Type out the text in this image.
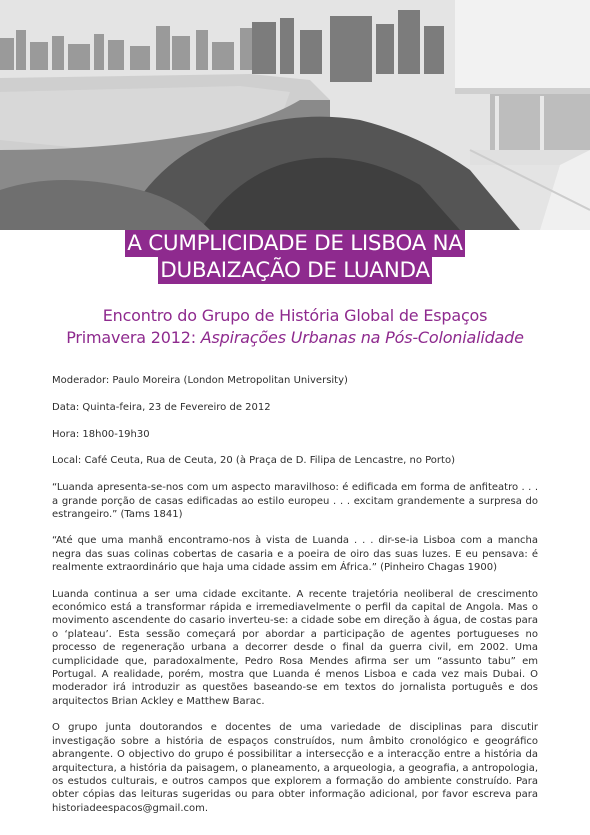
A CUMPLICIDADE DE LISBOA NA
DUBAIZAÇÃO DE LUANDA
Encontro do Grupo de História Global de Espaços
Primavera 2012: Aspirações Urbanas na Pós-Colonialidade

Moderador: Paulo Moreira (London Metropolitan University)

Data: Quinta-feira, 23 de Fevereiro de 2012

Hora: 18h00-19h30

Local: Café Ceuta, Rua de Ceuta, 20 (à Praça de D. Filipa de Lencastre, no Porto)

“Luanda apresenta-se-nos com um aspecto maravilhoso: é edificada em forma de anfiteatro . . . a grande porção de casas edificadas ao estilo europeu . . . excitam grandemente a surpresa do estrangeiro.” (Tams 1841)

“Até que uma manhã encontramo-nos à vista de Luanda . . . dir-se-ia Lisboa com a mancha negra das suas colinas cobertas de casaria e a poeira de oiro das suas luzes. E eu pensava: é realmente extraordinário que haja uma cidade assim em África.” (Pinheiro Chagas 1900)

Luanda continua a ser uma cidade excitante. A recente trajetória neoliberal de crescimento económico está a transformar rápida e irremediavelmente o perfil da capital de Angola. Mas o movimento ascendente do casario inverteu-se: a cidade sobe em direção à água, de costas para o ‘plateau’. Esta sessão começará por abordar a participação de agentes portugueses no processo de regeneração urbana a decorrer desde o final da guerra civil, em 2002. Uma cumplicidade que, paradoxalmente, Pedro Rosa Mendes afirma ser um “assunto tabu” em Portugal. A realidade, porém, mostra que Luanda é menos Lisboa e cada vez mais Dubai. O moderador irá introduzir as questões baseando-se em textos do jornalista português e dos arquitectos Brian Ackley e Matthew Barac.

O grupo junta doutorandos e docentes de uma variedade de disciplinas para discutir investigação sobre a história de espaços construídos, num âmbito cronológico e geográfico abrangente. O objectivo do grupo é possibilitar a intersecção e a interacção entre a história da arquitectura, a história da paisagem, o planeamento, a arqueologia, a geografia, a antropologia, os estudos culturais, e outros campos que explorem a formação do ambiente construído. Para obter cópias das leituras sugeridas ou para obter informação adicional, por favor escreva para historiadeespacos@gmail.com.
